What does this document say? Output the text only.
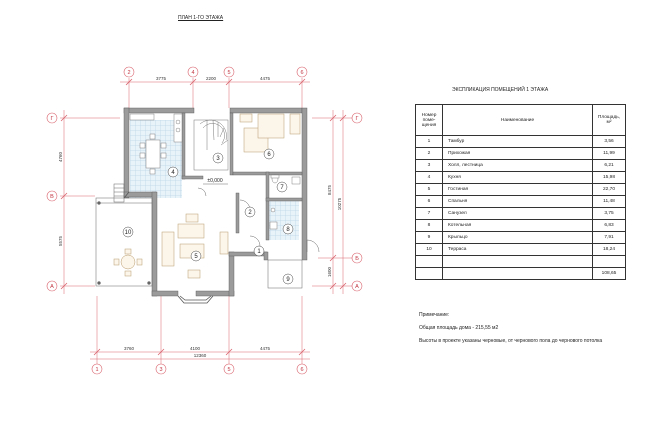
3775	2200	4475
3760	4100	4475
12360
4760
5575
8475
1600
10275
2	4	5	6
1	3	5	6
Г
В
А
Г
Б
А
1
2
3
4
5
6
7
8
9
10
±0,000
ПЛАН 1-ГО ЭТАЖА
ЭКСПЛИКАЦИЯ ПОМЕЩЕНИЙ 1 ЭТАЖА
Номер поме- щения	Наименование	Площадь, м²
1	Тамбур	3,56
2	Прихожая	11,99
3	Холл, лестница	6,21
4	Кухня	15,98
5	Гостиная	22,70
6	Спальня	11,48
7	Санузел	3,75
8	Котельная	6,83
9	Крыльцо	7,91
10	Терраса	18,24

		108,65
Примечание:
Общая площадь дома - 215,55 м2
Высоты в проекте указаны черновые, от чернового пола до чернового потолка
